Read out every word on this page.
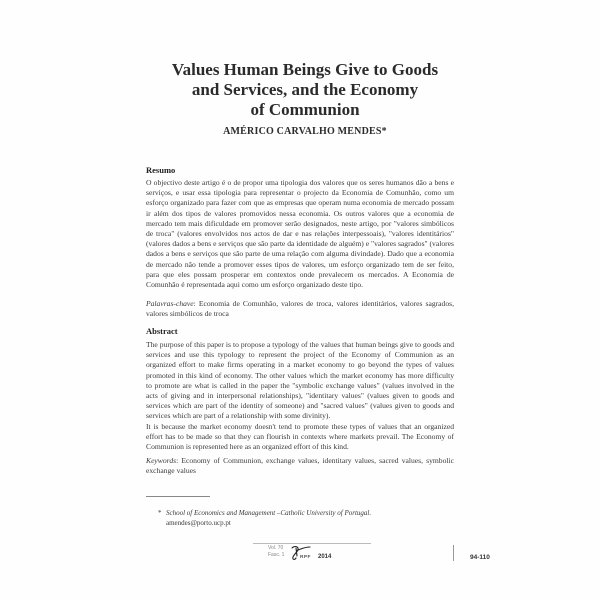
Values Human Beings Give to Goods
and Services, and the Economy
of Communion
AMÉRICO CARVALHO MENDES*
Resumo

O objectivo deste artigo é o de propor uma tipologia dos valores que os seres humanos dão a bens e serviços, e usar essa tipologia para representar o projecto da Economia de Comunhão, como um esforço organizado para fazer com que as empresas que operam numa economia de mercado possam ir além dos tipos de valores promovidos nessa economia. Os outros valores que a economia de mercado tem mais dificuldade em promover serão designados, neste artigo, por "valores simbólicos de troca" (valores envolvidos nos actos de dar e nas relações interpessoais), "valores identitários" (valores dados a bens e serviços que são parte da identidade de alguém) e "valores sagrados" (valores dados a bens e serviços que são parte de uma relação com alguma divindade). Dado que a economia de mercado não tende a promover esses tipos de valores, um esforço organizado tem de ser feito, para que eles possam prosperar em contextos onde prevalecem os mercados. A Economia de Comunhão é representada aqui como um esforço organizado deste tipo.

Palavras-chave: Economia de Comunhão, valores de troca, valores identitários, valores sagrados, valores simbólicos de troca
Abstract

The purpose of this paper is to propose a typology of the values that human beings give to goods and services and use this typology to represent the project of the Economy of Communion as an organized effort to make firms operating in a market economy to go beyond the types of values promoted in this kind of economy. The other values which the market economy has more difficulty to promote are what is called in the paper the "symbolic exchange values" (values involved in the acts of giving and in interpersonal relationships), "identitary values" (values given to goods and services which are part of the identity of someone) and "sacred values" (values given to goods and services which are part of a relationship with some divinity).

It is because the market economy doesn't tend to promote these types of values that an organized effort has to be made so that they can flourish in contexts where markets prevail. The Economy of Communion is represented here as an organized effort of this kind.

Keywords: Economy of Communion, exchange values, identitary values, sacred values, symbolic exchange values
* School of Economics and Management –Catholic University of Portugal.
amendes@porto.ucp.pt
Vol. 70
Fasc. 1	RPF 2014	94-110
